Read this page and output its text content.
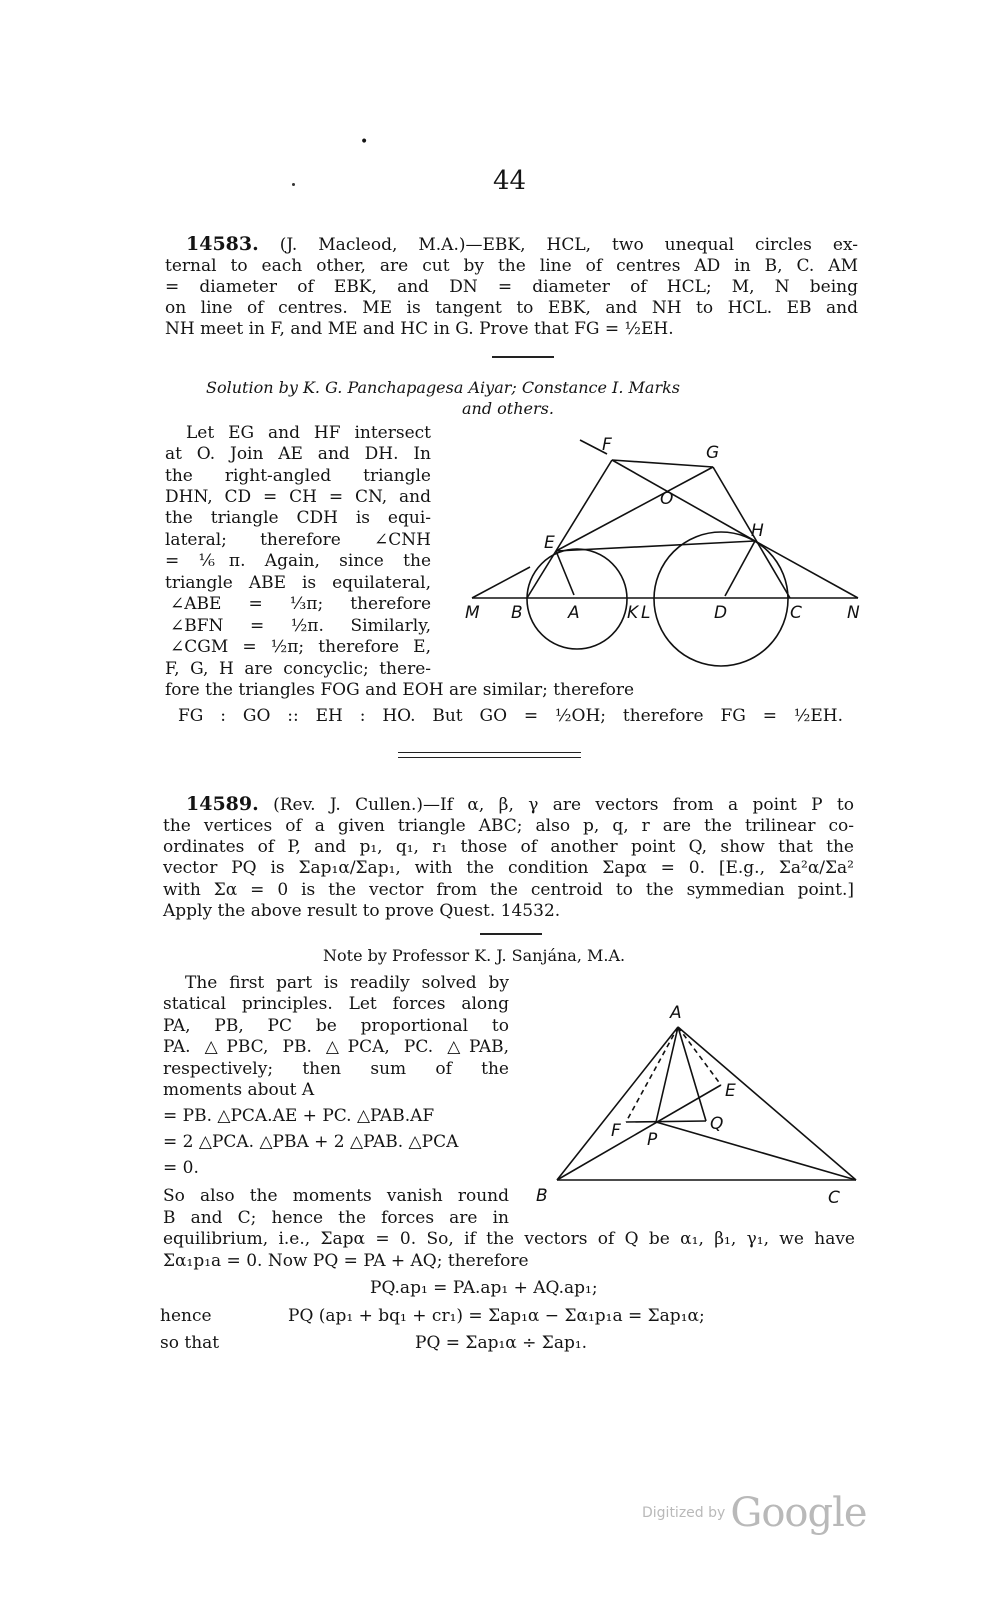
•
44
14583. (J. Macleod, M.A.)—EBK, HCL, two unequal circles ex-
ternal to each other, are cut by the line of centres AD in B, C. AM
= diameter of EBK, and DN = diameter of HCL; M, N being
on line of centres. ME is tangent to EBK, and NH to HCL. EB and
NH meet in F, and ME and HC in G. Prove that FG = ½EH.
Solution by K. G. Panchapagesa Aiyar; Constance I. Marks
and others.
Let EG and HF intersect
at O. Join AE and DH. In
the right-angled triangle
DHN, CD = CH = CN, and
the triangle CDH is equi-
lateral; therefore ∠CNH
= ⅙π. Again, since the
triangle ABE is equilateral,
∠ABE = ⅓π; therefore
∠BFN = ½π. Similarly,
∠CGM = ½π; therefore E,
F, G, H are concyclic; there-
fore the triangles FOG and EOH are similar; therefore
FG : GO :: EH : HO. But GO = ½OH; therefore FG = ½EH.
F	G
O
E
H
M B	A	K L	D	C	N
14589. (Rev. J. Cullen.)—If α, β, γ are vectors from a point P to
the vertices of a given triangle ABC; also p, q, r are the trilinear co-
ordinates of P, and p₁, q₁, r₁ those of another point Q, show that the
vector PQ is Σap₁α/Σap₁, with the condition Σapα = 0. [E.g., Σa²α/Σa²
with Σα = 0 is the vector from the centroid to the symmedian point.]
Apply the above result to prove Quest. 14532.
Note by Professor K. J. Sanjána, M.A.
The first part is readily solved by
statical principles. Let forces along
PA, PB, PC be proportional to
PA. △PBC, PB. △PCA, PC. △PAB,
respectively; then sum of the
moments about A
= PB. △PCA.AE + PC. △PAB.AF
= 2 △PCA. △PBA + 2 △PAB. △PCA
= 0.
So also the moments vanish round
B and C; hence the forces are in
equilibrium, i.e., Σapα = 0. So, if the vectors of Q be α₁, β₁, γ₁, we have
Σα₁p₁a = 0. Now PQ = PA + AQ; therefore
PQ.ap₁ = PA.ap₁ + AQ.ap₁;
hence	PQ (ap₁ + bq₁ + cr₁) = Σap₁α − Σα₁p₁a = Σap₁α;
so that	PQ = Σap₁α ÷ Σap₁.
A
E
F	Q
P
B	C
Digitized by Google
